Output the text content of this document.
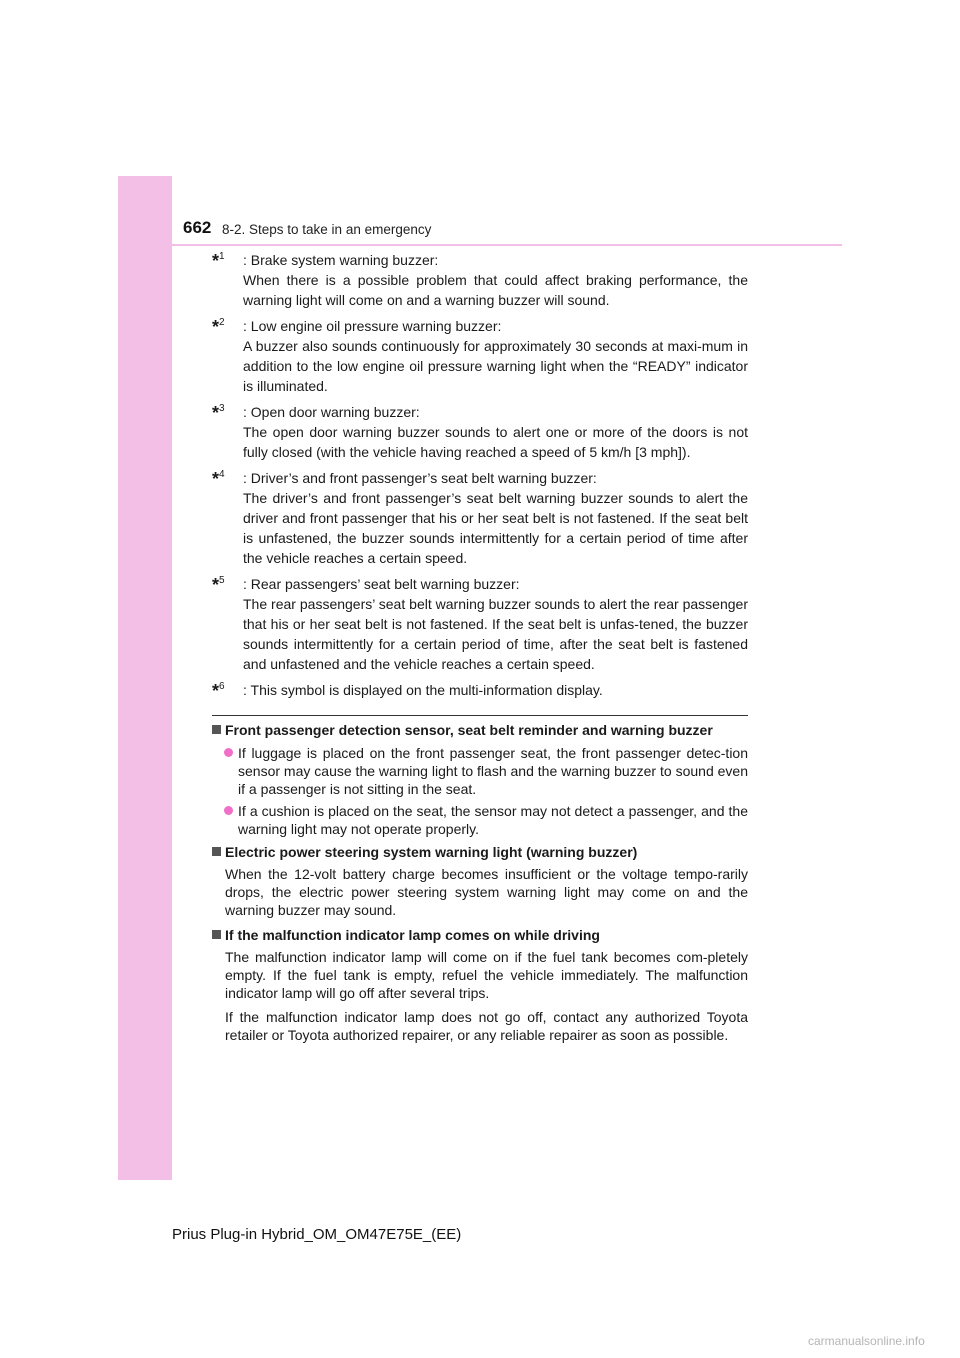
662 8-2. Steps to take in an emergency
*$^1$ : Brake system warning buzzer:
When there is a possible problem that could affect braking performance, the warning light will come on and a warning buzzer will sound.
*$^2$ : Low engine oil pressure warning buzzer:
A buzzer also sounds continuously for approximately 30 seconds at maxi-mum in addition to the low engine oil pressure warning light when the “READY” indicator is illuminated.
*$^3$ : Open door warning buzzer:
The open door warning buzzer sounds to alert one or more of the doors is not fully closed (with the vehicle having reached a speed of 5 km/h [3 mph]).
*$^4$ : Driver’s and front passenger’s seat belt warning buzzer:
The driver’s and front passenger’s seat belt warning buzzer sounds to alert the driver and front passenger that his or her seat belt is not fastened. If the seat belt is unfastened, the buzzer sounds intermittently for a certain period of time after the vehicle reaches a certain speed.
*$^5$ : Rear passengers’ seat belt warning buzzer:
The rear passengers’ seat belt warning buzzer sounds to alert the rear passenger that his or her seat belt is not fastened. If the seat belt is unfas-tened, the buzzer sounds intermittently for a certain period of time, after the seat belt is fastened and unfastened and the vehicle reaches a certain speed.
*$^6$ : This symbol is displayed on the multi-information display.
Front passenger detection sensor, seat belt reminder and warning buzzer
If luggage is placed on the front passenger seat, the front passenger detec-tion sensor may cause the warning light to flash and the warning buzzer to sound even if a passenger is not sitting in the seat.
If a cushion is placed on the seat, the sensor may not detect a passenger, and the warning light may not operate properly.
Electric power steering system warning light (warning buzzer)
When the 12-volt battery charge becomes insufficient or the voltage tempo-rarily drops, the electric power steering system warning light may come on and the warning buzzer may sound.
If the malfunction indicator lamp comes on while driving
The malfunction indicator lamp will come on if the fuel tank becomes com-pletely empty. If the fuel tank is empty, refuel the vehicle immediately. The malfunction indicator lamp will go off after several trips.
If the malfunction indicator lamp does not go off, contact any authorized Toyota retailer or Toyota authorized repairer, or any reliable repairer as soon as possible.
Prius Plug-in Hybrid_OM_OM47E75E_(EE)
carmanualsonline.info
